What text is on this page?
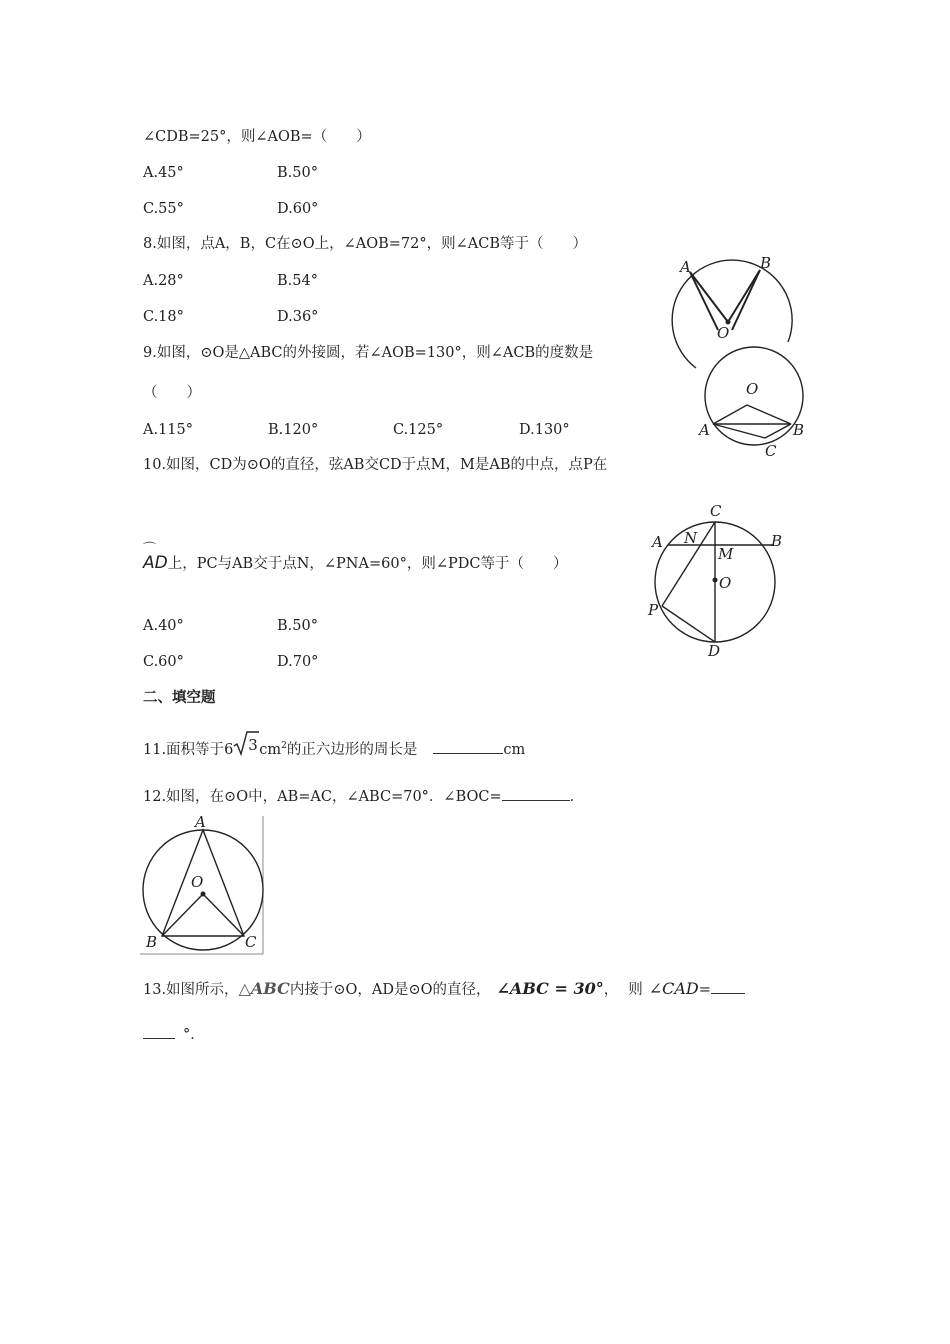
∠CDB=25°，则∠AOB=（　　）
A.45°	B.50°
C.55°	D.60°
8.如图，点A，B，C在⊙O上，∠AOB=72°，则∠ACB等于（　　）
A.28°	B.54°
C.18°	D.36°
A	B
O
9.如图，⊙O是△ABC的外接圆，若∠AOB=130°，则∠ACB的度数是
（　　）
A.115°	B.120°	C.125°	D.130°
O
A	B
C
10.如图，CD为⊙O的直径，弦AB交CD于点M，M是AB的中点，点P在
⌒
AD上，PC与AB交于点N，∠PNA=60°，则∠PDC等于（　　）
A.40°	B.50°
C.60°	D.70°
C
A N
M
B
O
P
D
二、填空题
11.面积等于6 3 $cm^2$的正六边形的周长是	cm
12.如图，在⊙O中，AB=AC，∠ABC=70°．∠BOC=	.
A
O
B	C
13.如图所示，△ABC内接于⊙O，AD是⊙O的直径， ∠ABC = 30°， 则 ∠CAD=
°．
